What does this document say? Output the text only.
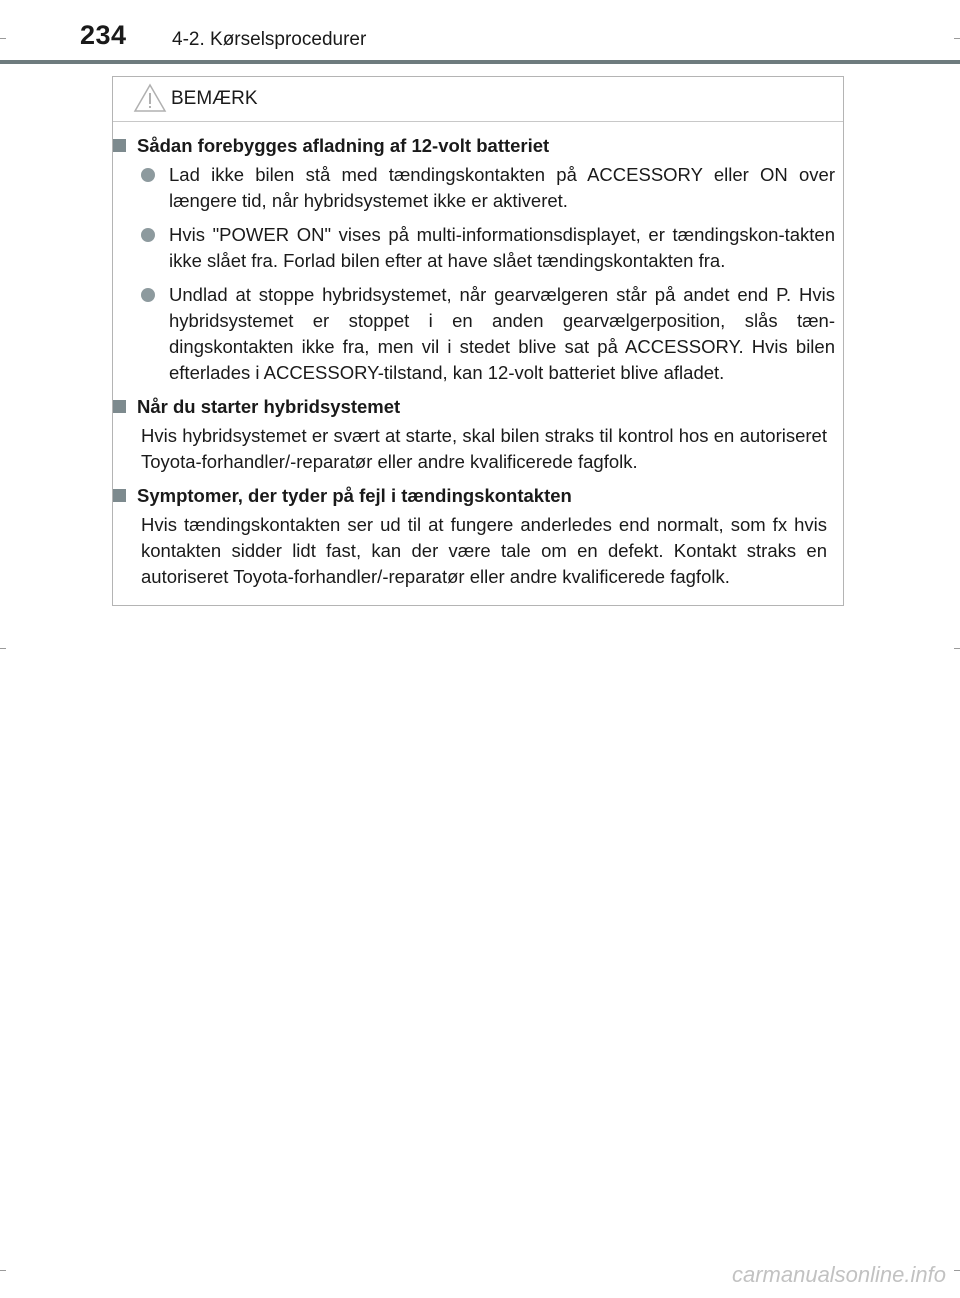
234 4-2. Kørselsprocedurer
BEMÆRK
Sådan forebygges afladning af 12-volt batteriet
Lad ikke bilen stå med tændingskontakten på ACCESSORY eller ON over længere tid, når hybridsystemet ikke er aktiveret.
Hvis "POWER ON" vises på multi-informationsdisplayet, er tændingskon-takten ikke slået fra. Forlad bilen efter at have slået tændingskontakten fra.
Undlad at stoppe hybridsystemet, når gearvælgeren står på andet end P. Hvis hybridsystemet er stoppet i en anden gearvælgerposition, slås tæn-dingskontakten ikke fra, men vil i stedet blive sat på ACCESSORY. Hvis bilen efterlades i ACCESSORY-tilstand, kan 12-volt batteriet blive afladet.
Når du starter hybridsystemet
Hvis hybridsystemet er svært at starte, skal bilen straks til kontrol hos en autoriseret Toyota-forhandler/-reparatør eller andre kvalificerede fagfolk.
Symptomer, der tyder på fejl i tændingskontakten
Hvis tændingskontakten ser ud til at fungere anderledes end normalt, som fx hvis kontakten sidder lidt fast, kan der være tale om en defekt. Kontakt straks en autoriseret Toyota-forhandler/-reparatør eller andre kvalificerede fagfolk.
carmanualsonline.info
